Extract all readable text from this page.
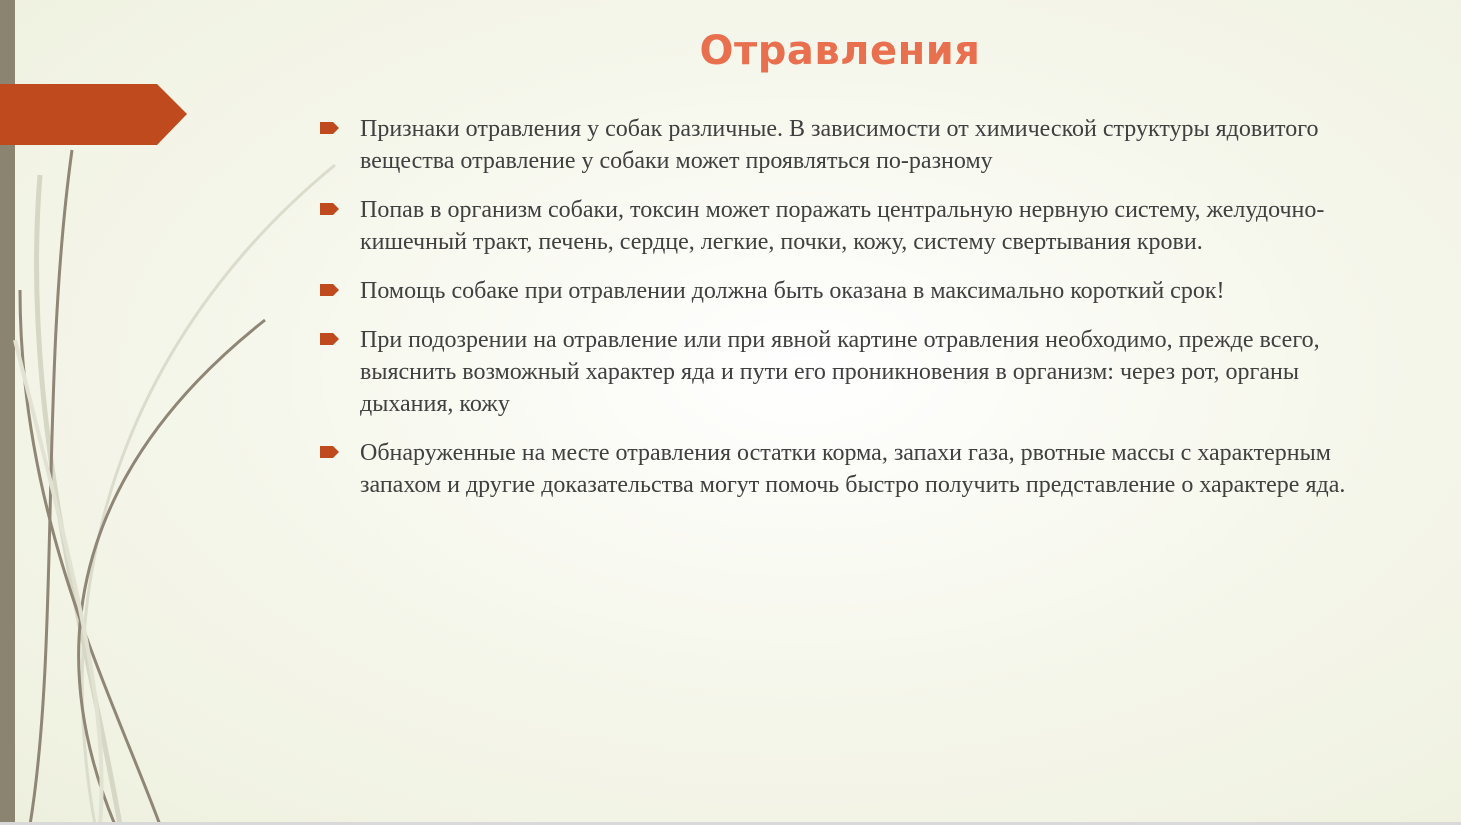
Отравления
Признаки отравления у собак различные. В зависимости от химической структуры ядовитого вещества отравление у собаки может проявляться по-разному
Попав в организм собаки, токсин может поражать центральную нервную систему, желудочно-кишечный тракт, печень, сердце, легкие, почки, кожу, систему свертывания крови.
Помощь собаке при отравлении должна быть оказана в максимально короткий срок!
При подозрении на отравление или при явной картине отравления необходимо, прежде всего, выяснить возможный характер яда и пути его проникновения в организм: через рот, органы дыхания, кожу
Обнаруженные на месте отравления остатки корма, запахи газа, рвотные массы с характерным запахом и другие доказательства могут помочь быстро получить представление о характере яда.
